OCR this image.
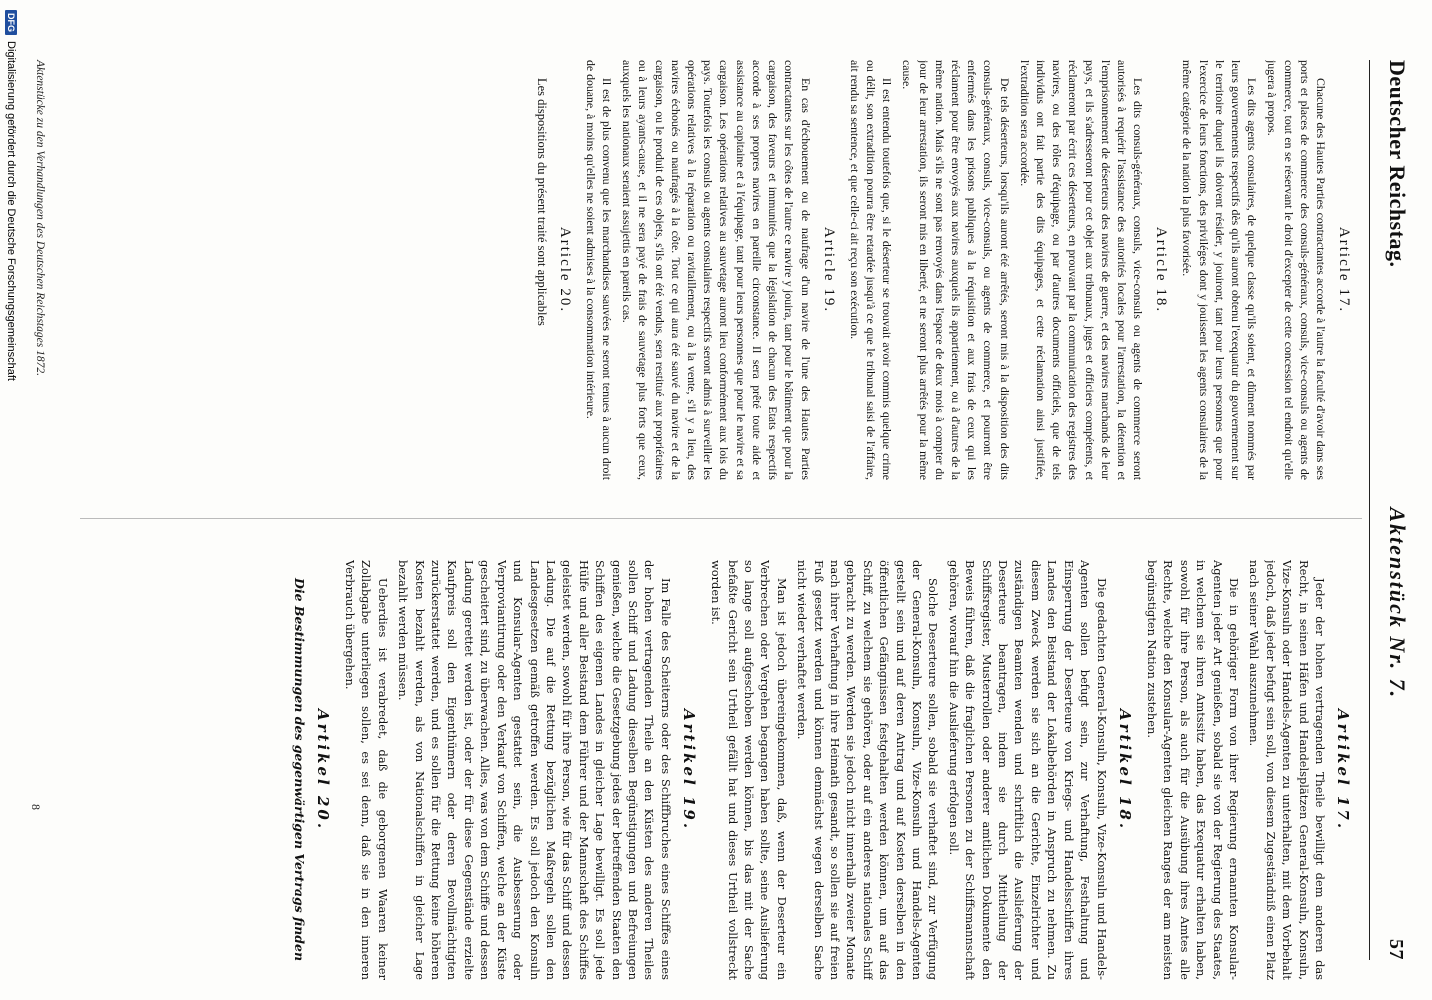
Deutscher Reichstag.
Aktenstück Nr. 7.
57
Article 17.

Chacune des Hautes Parties contractantes accorde à l'autre la faculté d'avoir dans ses ports et places de commerce des consuls-généraux, consuls, vice-consuls ou agents de commerce, tout en se réservant le droit d'excepter de cette concession tel endroit qu'elle jugera à propos.

Les dits agents consulaires, de quelque classe qu'ils soient, et dûment nommés par leurs gouvernements respectifs dès qu'ils auront obtenu l'exequatur du gouvernement sur le territoire duquel ils doivent résider, y jouiront, tant pour leurs personnes que pour l'exercice de leurs fonctions, des priviléges dont y jouissent les agents consulaires de la même catégorie de la nation la plus favorisée.

Article 18.

Les dits consuls-généraux, consuls, vice-consuls ou agents de commerce seront autorisés à requérir l'assistance des autorités locales pour l'arrestation, la détention et l'emprisonnement de déserteurs des navires de guerre, et des navires marchands de leur pays, et ils s'adresseront pour cet objet aux tribunaux, juges et officiers compétents, et réclameront par écrit ces déserteurs, en prouvant par la communication des registres des navires, ou des rôles d'équipage, ou par d'autres documents officiels, que de tels individus ont fait partie des dits équipages, et cette réclamation ainsi justifiée, l'extradition sera accordée.

De tels déserteurs, lorsqu'ils auront été arrêtés, seront mis à la disposition des dits consuls-généraux, consuls, vice-consuls, ou agents de commerce, et pourront être enfermés dans les prisons publiques à la réquisition et aux frais de ceux qui les réclament pour être envoyés aux navires auxquels ils appartiennent, ou à d'autres de la même nation. Mais s'ils ne sont pas renvoyés dans l'espace de deux mois à compter du jour de leur arrestation, ils seront mis en liberté, et ne seront plus arrêtés pour la même cause.

Il est entendu toutefois que, si le déserteur se trouvait avoir commis quelque crime ou délit, son extradition pourra être retardée jusqu'à ce que le tribunal saisi de l'affaire, ait rendu sa sentence, et que celle-ci ait reçu son exécution.

Article 19.

En cas d'échouement ou de naufrage d'un navire de l'une des Hautes Parties contractantes sur les côtes de l'autre ce navire y jouira, tant pour le bâtiment que pour la cargaison, des faveurs et immunités que la législation de chacun des Etats respectifs accorde à ses propres navires en pareille circonstance. Il sera prêté toute aide et assistance au capitaine et à l'équipage, tant pour leurs personnes que pour le navire et sa cargaison. Les opérations relatives au sauvetage auront lieu conformément aux lois du pays. Toutefois les consuls ou agents consulaires respectifs seront admis à surveiller les opérations relatives à la réparation ou ravitaillement, ou à la vente, s'il y a lieu, des navires échoués ou naufragés à la côte. Tout ce qui aura été sauvé du navire et de la cargaison, ou le produit de ces objets, s'ils ont été vendus, sera restitué aux propriétaires ou à leurs ayants-cause, et il ne sera payé de frais de sauvetage plus forts que ceux, auxquels les nationaux seraient assujettis en pareils cas.

Il est de plus convenu que les marchandises sauvées ne seront tenues à aucun droit de douane, à moins qu'elles ne soient admises à la consommation intérieure.

Article 20.

Les dispositions du présent traité sont applicables

Artikel 17.

Jeder der hohen vertragenden Theile bewilligt dem anderen das Recht, in seinen Häfen und Handelsplätzen General-Konsuln, Konsuln, Vize-Konsuln oder Handels-Agenten zu unterhalten, mit dem Vorbehalt jedoch, daß jeder befugt sein soll, von diesem Zugeständniß einen Platz nach seiner Wahl auszunehmen.

Die in gehöriger Form von ihrer Regierung ernannten Konsular-Agenten jeder Art genießen, sobald sie von der Regierung des Staates, in welchem sie ihren Amtssitz haben, das Exequatur erhalten haben, sowohl für ihre Person, als auch für die Ausübung ihres Amtes alle Rechte, welche den Konsular-Agenten gleichen Ranges der am meisten begünstigten Nation zustehen.

Artikel 18.

Die gedachten General-Konsuln, Konsuln, Vize-Konsuln und Handels-Agenten sollen befugt sein, zur Verhaftung, Festhaltung und Einsperrung der Deserteure von Kriegs- und Handelsschiffen ihres Landes den Beistand der Lokalbehörden in Anspruch zu nehmen. Zu diesem Zweck werden sie sich an die Gerichte, Einzelrichter und zuständigen Beamten wenden und schriftlich die Auslieferung der Deserteure beantragen, indem sie durch Mittheilung der Schiffsregister, Musterrollen oder anderer amtlichen Dokumente den Beweis führen, daß die fraglichen Personen zu der Schiffsmannschaft gehören, worauf hin die Auslieferung erfolgen soll.

Solche Deserteure sollen, sobald sie verhaftet sind, zur Verfügung der General-Konsuln, Konsuln, Vize-Konsuln und Handels-Agenten gestellt sein und auf deren Antrag und auf Kosten derselben in den öffentlichen Gefängnissen festgehalten werden können, um auf das Schiff, zu welchem sie gehören, oder auf ein anderes nationales Schiff gebracht zu werden. Werden sie jedoch nicht innerhalb zweier Monate nach ihrer Verhaftung in ihre Heimath gesandt, so sollen sie auf freien Fuß gesetzt werden und können demnächst wegen derselben Sache nicht wieder verhaftet werden.

Man ist jedoch übereingekommen, daß, wenn der Deserteur ein Verbrechen oder Vergehen begangen haben sollte, seine Auslieferung so lange soll aufgeschoben werden können, bis das mit der Sache befaßte Gericht sein Urtheil gefällt hat und dieses Urtheil vollstreckt worden ist.

Artikel 19.

Im Falle des Scheiterns oder des Schiffbruches eines Schiffes eines der hohen vertragenden Theile an den Küsten des anderen Theiles sollen Schiff und Ladung dieselben Begünstigungen und Befreiungen genießen, welche die Gesetzgebung jedes der betreffenden Staaten den Schiffen des eigenen Landes in gleicher Lage bewilligt. Es soll jede Hülfe und aller Beistand dem Führer und der Mannschaft des Schiffes geleistet werden, sowohl für ihre Person, wie für das Schiff und dessen Ladung. Die auf die Rettung bezüglichen Maßregeln sollen den Landesgesetzen gemäß getroffen werden. Es soll jedoch den Konsuln und Konsular-Agenten gestattet sein, die Ausbesserung oder Verproviantirung oder den Verkauf von Schiffen, welche an der Küste gescheitert sind, zu überwachen. Alles, was von dem Schiffe und dessen Ladung gerettet werden ist, oder der für diese Gegenstände erzielte Kaufpreis soll den Eigenthümern oder deren Bevollmächtigten zurückerstattet werden, und es sollen für die Rettung keine höheren Kosten bezahlt werden, als von Nationalschiffen in gleicher Lage bezahlt werden müssen.

Ueberdies ist verabredet, daß die geborgenen Waaren keiner Zollabgabe unterliegen sollen, es sei denn, daß sie in den inneren Verbrauch übergehen.

Artikel 20.

Die Bestimmungen des gegenwärtigen Vertrags finden

Aktenstücke zu den Verhandlungen des Deutschen Reichstages 1872.
8
DFG
Digitalisierung gefördert durch die Deutsche Forschungsgemeinschaft
